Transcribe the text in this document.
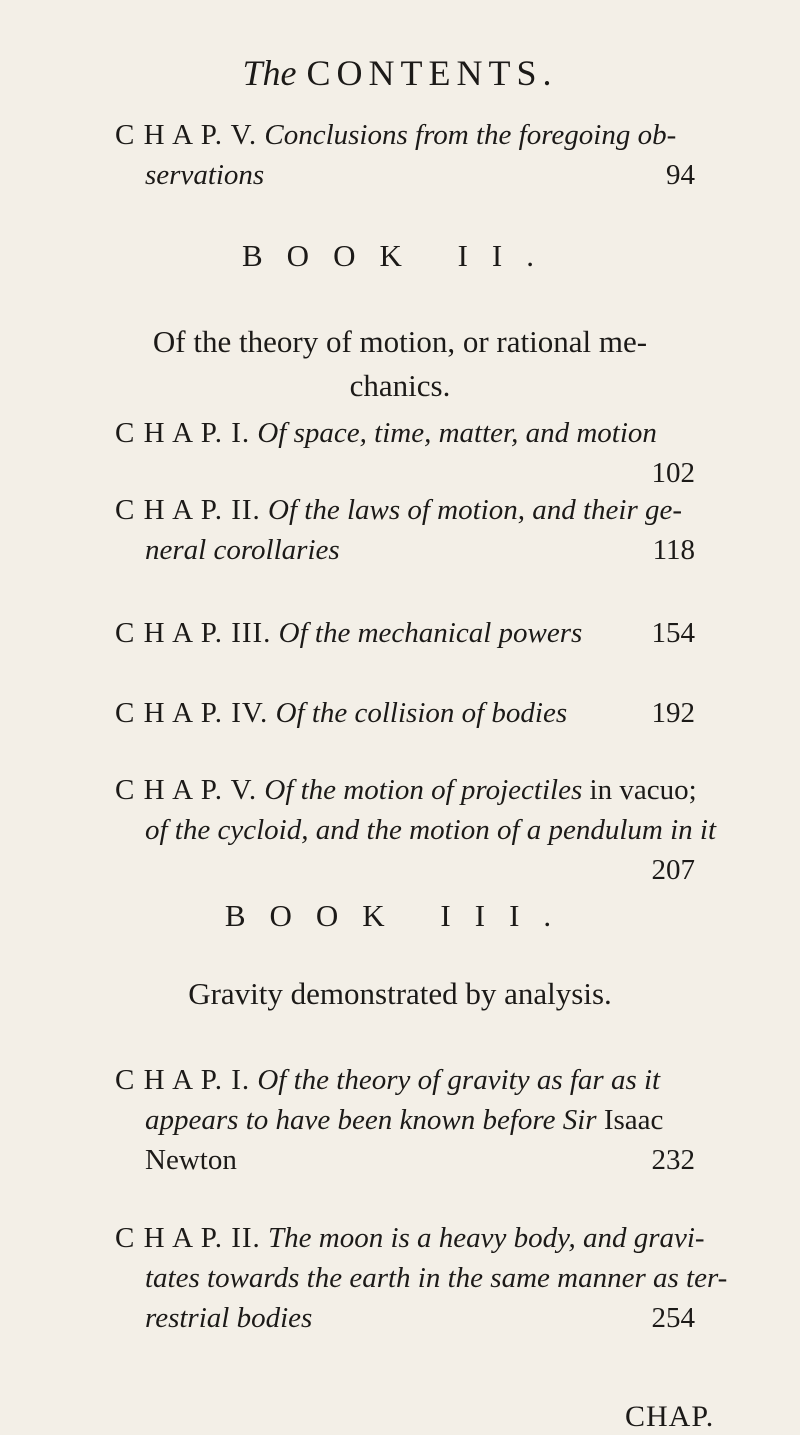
The CONTENTS.
C H A P. V. Conclusions from the foregoing ob-
servations	94
BOOK II.
Of the theory of motion, or rational me-
chanics.
C H A P. I. Of space, time, matter, and motion
102
C H A P. II. Of the laws of motion, and their ge-
neral corollaries	118
C H A P. III. Of the mechanical powers 154
C H A P. IV. Of the collision of bodies	192
C H A P. V. Of the motion of projectiles in vacuo;
of the cycloid, and the motion of a pendulum in it
207
BOOK III.
Gravity demonstrated by analysis.
C H A P. I. Of the theory of gravity as far as it
appears to have been known before Sir Isaac
Newton	232
C H A P. II. The moon is a heavy body, and gravi-
tates towards the earth in the same manner as ter-
restrial bodies	254
CHAP.
